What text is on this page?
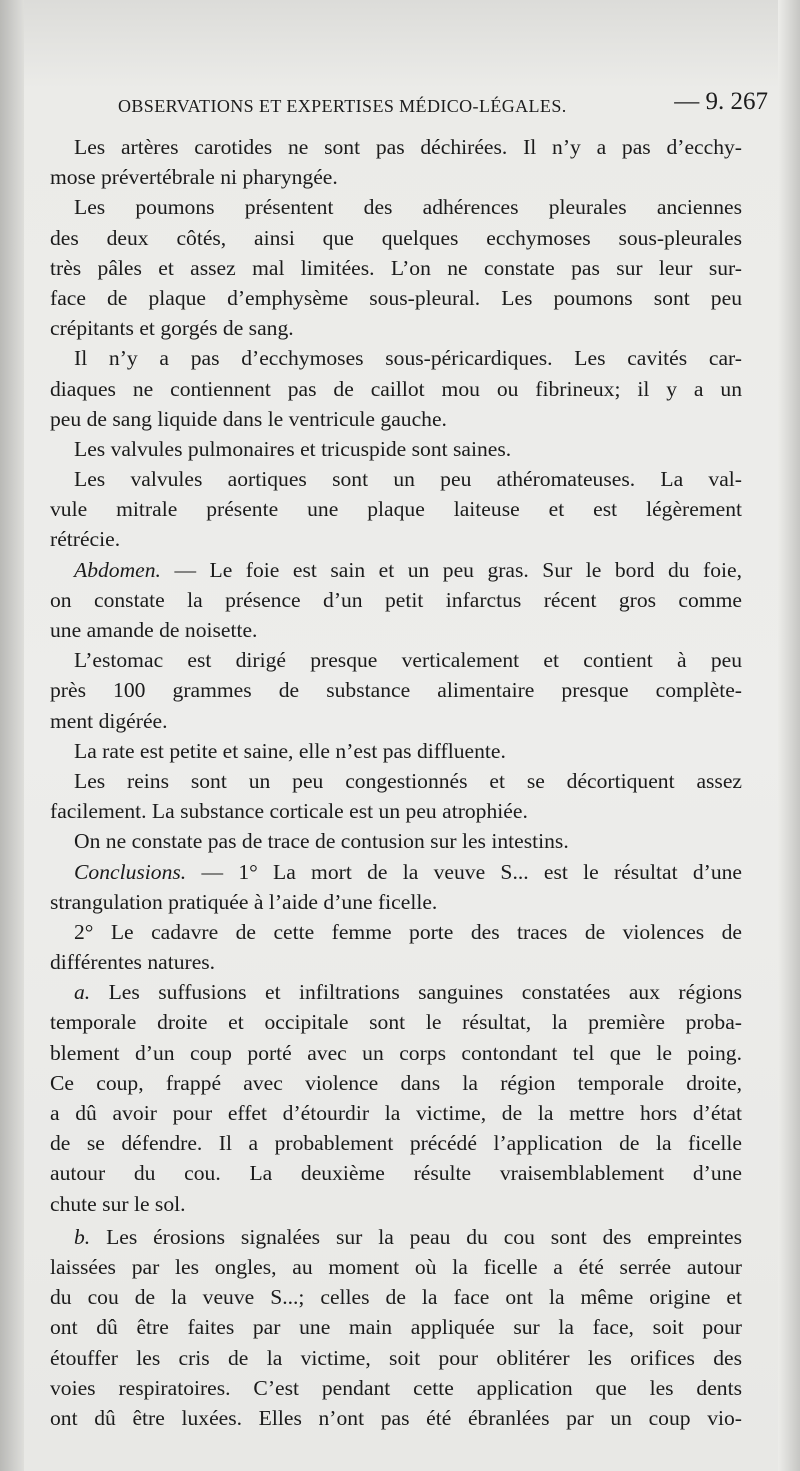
OBSERVATIONS ET EXPERTISES MÉDICO-LÉGALES.	— 9. 267
Les artères carotides ne sont pas déchirées. Il n’y a pas d’ecchy-
mose prévertébrale ni pharyngée.
Les poumons présentent des adhérences pleurales anciennes
des deux côtés, ainsi que quelques ecchymoses sous-pleurales
très pâles et assez mal limitées. L’on ne constate pas sur leur sur-
face de plaque d’emphysème sous-pleural. Les poumons sont peu
crépitants et gorgés de sang.
Il n’y a pas d’ecchymoses sous-péricardiques. Les cavités car-
diaques ne contiennent pas de caillot mou ou fibrineux; il y a un
peu de sang liquide dans le ventricule gauche.
Les valvules pulmonaires et tricuspide sont saines.
Les valvules aortiques sont un peu athéromateuses. La val-
vule mitrale présente une plaque laiteuse et est légèrement
rétrécie.
Abdomen. — Le foie est sain et un peu gras. Sur le bord du foie,
on constate la présence d’un petit infarctus récent gros comme
une amande de noisette.
L’estomac est dirigé presque verticalement et contient à peu
près 100 grammes de substance alimentaire presque complète-
ment digérée.
La rate est petite et saine, elle n’est pas diffluente.
Les reins sont un peu congestionnés et se décortiquent assez
facilement. La substance corticale est un peu atrophiée.
On ne constate pas de trace de contusion sur les intestins.
Conclusions. — 1° La mort de la veuve S... est le résultat d’une
strangulation pratiquée à l’aide d’une ficelle.
2° Le cadavre de cette femme porte des traces de violences de
différentes natures.
a. Les suffusions et infiltrations sanguines constatées aux régions
temporale droite et occipitale sont le résultat, la première proba-
blement d’un coup porté avec un corps contondant tel que le poing.
Ce coup, frappé avec violence dans la région temporale droite,
a dû avoir pour effet d’étourdir la victime, de la mettre hors d’état
de se défendre. Il a probablement précédé l’application de la ficelle
autour du cou. La deuxième résulte vraisemblablement d’une
chute sur le sol.
b. Les érosions signalées sur la peau du cou sont des empreintes
laissées par les ongles, au moment où la ficelle a été serrée autour
du cou de la veuve S...; celles de la face ont la même origine et
ont dû être faites par une main appliquée sur la face, soit pour
étouffer les cris de la victime, soit pour oblitérer les orifices des
voies respiratoires. C’est pendant cette application que les dents
ont dû être luxées. Elles n’ont pas été ébranlées par un coup vio-
